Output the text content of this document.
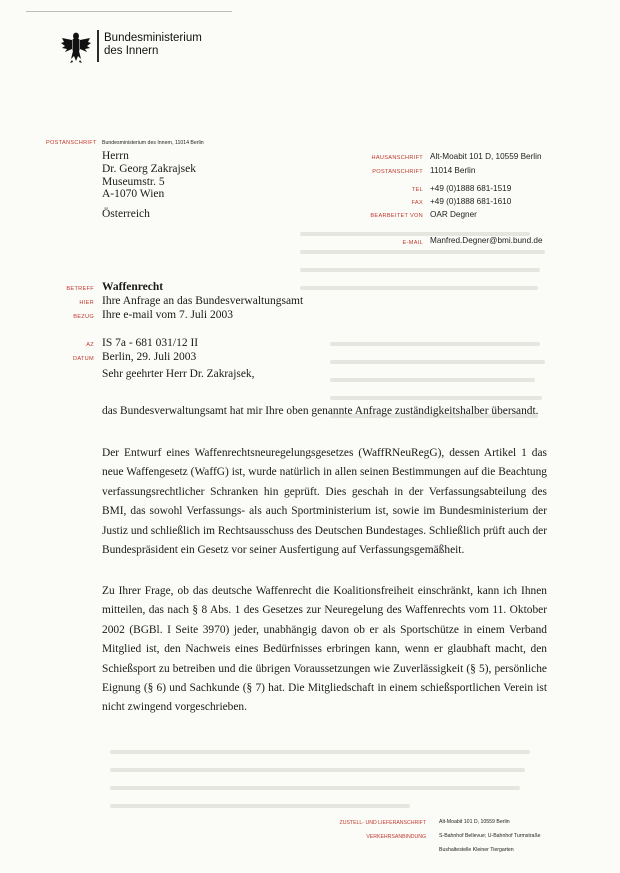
Bundesministerium
des Innern
POSTANSCHRIFT Bundesministerium des Innern, 11014 Berlin
Herrn
Dr. Georg Zakrajsek
Museumstr. 5
A-1070 Wien
Österreich
HAUSANSCHRIFT Alt-Moabit 101 D, 10559 Berlin
POSTANSCHRIFT 11014 Berlin
TEL +49 (0)1888 681-1519
FAX +49 (0)1888 681-1610
BEARBEITET VON OAR Degner
E-MAIL Manfred.Degner@bmi.bund.de
BETREFF Waffenrecht
HIER Ihre Anfrage an das Bundesverwaltungsamt
BEZUG Ihre e-mail vom 7. Juli 2003
AZ IS 7a - 681 031/12 II
DATUM Berlin, 29. Juli 2003

Sehr geehrter Herr Dr. Zakrajsek,

das Bundesverwaltungsamt hat mir Ihre oben genannte Anfrage zuständigkeitshalber übersandt.

Der Entwurf eines Waffenrechtsneuregelungsgesetzes (WaffRNeuRegG), dessen Artikel 1 das neue Waffengesetz (WaffG) ist, wurde natürlich in allen seinen Bestimmungen auf die Beachtung verfassungsrechtlicher Schranken hin geprüft. Dies geschah in der Verfassungsabteilung des BMI, das sowohl Verfassungs- als auch Sportministerium ist, sowie im Bundesministerium der Justiz und schließlich im Rechtsausschuss des Deutschen Bundestages. Schließlich prüft auch der Bundespräsident ein Gesetz vor seiner Ausfertigung auf Verfassungsgemäßheit.

Zu Ihrer Frage, ob das deutsche Waffenrecht die Koalitionsfreiheit einschränkt, kann ich Ihnen mitteilen, das nach § 8 Abs. 1 des Gesetzes zur Neuregelung des Waffenrechts vom 11. Oktober 2002 (BGBl. I Seite 3970) jeder, unabhängig davon ob er als Sportschütze in einem Verband Mitglied ist, den Nachweis eines Bedürfnisses erbringen kann, wenn er glaubhaft macht, den Schießsport zu betreiben und die übrigen Voraussetzungen wie Zuverlässigkeit (§ 5), persönliche Eignung (§ 6) und Sachkunde (§ 7) hat. Die Mitgliedschaft in einem schießsportlichen Verein ist nicht zwingend vorgeschrieben.

ZUSTELL- UND LIEFERANSCHRIFT	Alt-Moabit 101 D, 10559 Berlin
VERKEHRSANBINDUNG	S-Bahnhof Bellevue; U-Bahnhof Turmstraße
Bushaltestelle Kleiner Tiergarten
